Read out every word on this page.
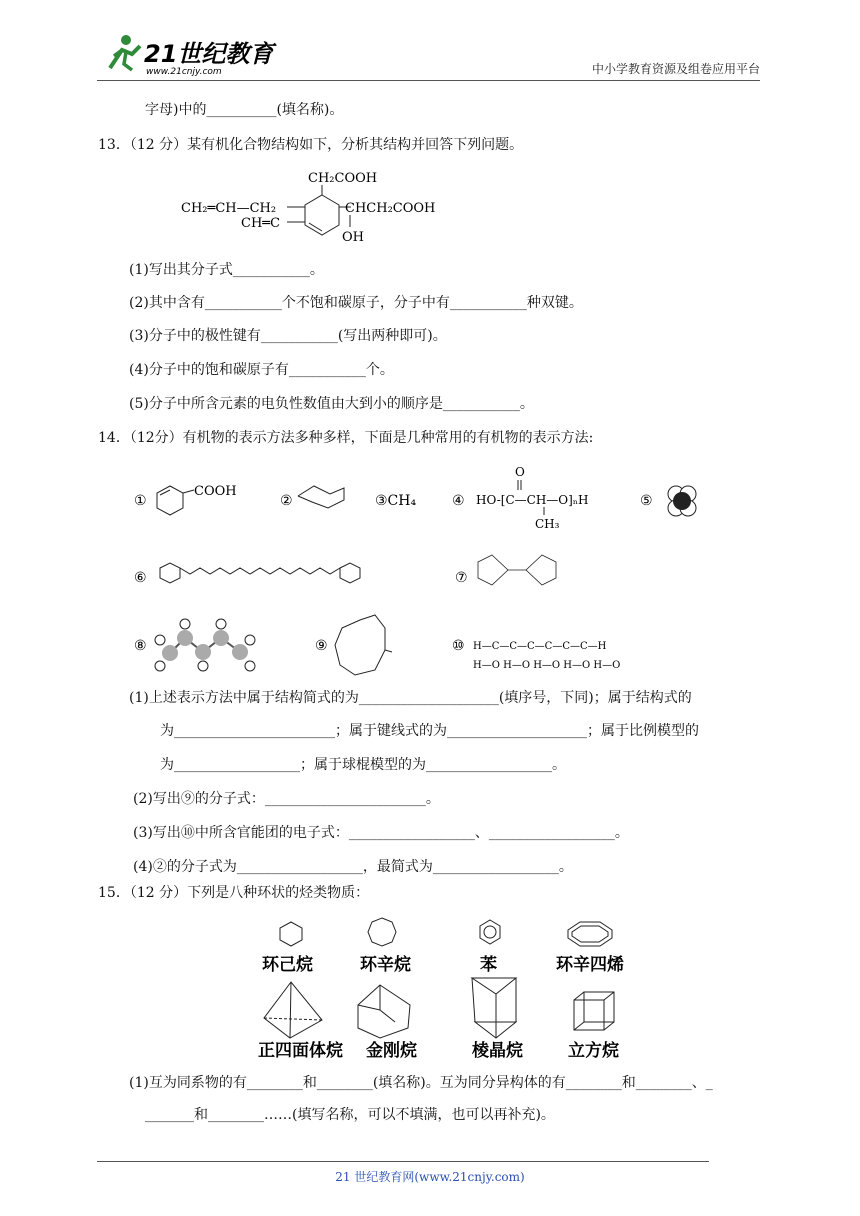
21世纪教育
www.21cnjy.com	中小学教育资源及组卷应用平台
字母)中的__________(填名称)。
13．（12 分）某有机化合物结构如下，分析其结构并回答下列问题。
CH₂COOH
CH₂═CH—CH₂
CH═C
CHCH₂COOH
OH
(1)写出其分子式___________。
(2)其中含有___________个不饱和碳原子，分子中有___________种双键。
(3)分子中的极性键有___________(写出两种即可)。
(4)分子中的饱和碳原子有___________个。
(5)分子中所含元素的电负性数值由大到小的顺序是___________。
14．（12分）有机物的表示方法多种多样，下面是几种常用的有机物的表示方法:
①
COOH
②	③CH₄	④
O
HO-[C—CH—O]ₙH
CH₃
⑤
⑥	⑦
⑧	⑨	⑩ H—C—C—C—C—C—C—H
H—O H—O H—O H—O H—O
(1)上述表示方法中属于结构简式的为____________________(填序号，下同)；属于结构式的
为_______________________；属于键线式的为____________________；属于比例模型的
为__________________；属于球棍模型的为__________________。
(2)写出⑨的分子式：_______________________。
(3)写出⑩中所含官能团的电子式：__________________、__________________。
(4)②的分子式为__________________，最简式为__________________。
15．（12 分）下列是八种环状的烃类物质：
环己烷	环辛烷	苯	环辛四烯
正四面体烷 金刚烷	棱晶烷	立方烷
(1)互为同系物的有________和________(填名称)。互为同分异构体的有________和________、_
_______和________……(填写名称，可以不填满，也可以再补充)。
21 世纪教育网(www.21cnjy.com)
